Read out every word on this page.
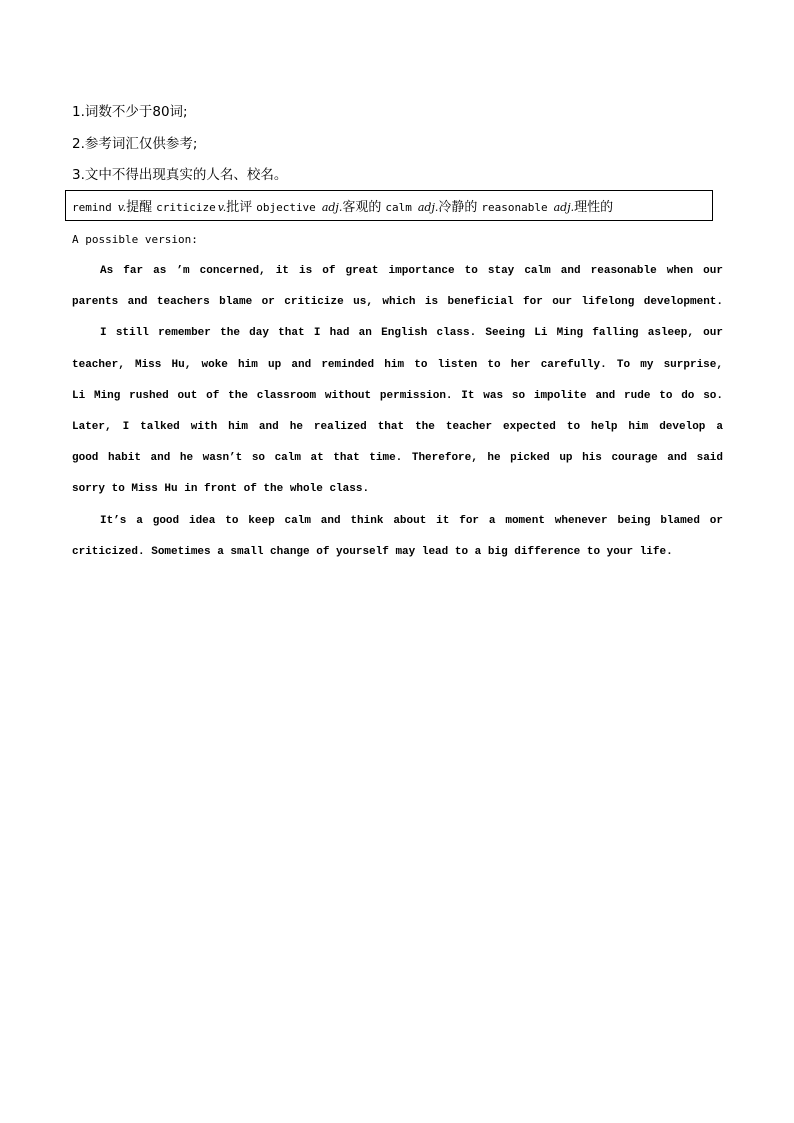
1.词数不少于80词;
2.参考词汇仅供参考;
3.文中不得出现真实的人名、校名。
remind v. 提醒 criticize v. 批评 objective adj. 客观的 calm adj. 冷静的 reasonable adj. 理性的
A possible version:
As far as ’m concerned, it is of great importance to stay calm and reasonable when our
parents and teachers blame or criticize us, which is beneficial for our lifelong development.
I still remember the day that I had an English class. Seeing Li Ming falling asleep, our
teacher, Miss Hu, woke him up and reminded him to listen to her carefully. To my surprise,
Li Ming rushed out of the classroom without permission. It was so impolite and rude to do so.
Later, I talked with him and he realized that the teacher expected to help him develop a
good habit and he wasn’t so calm at that time. Therefore, he picked up his courage and said
sorry to Miss Hu in front of the whole class.
It’s a good idea to keep calm and think about it for a moment whenever being blamed or
criticized. Sometimes a small change of yourself may lead to a big difference to your life.
